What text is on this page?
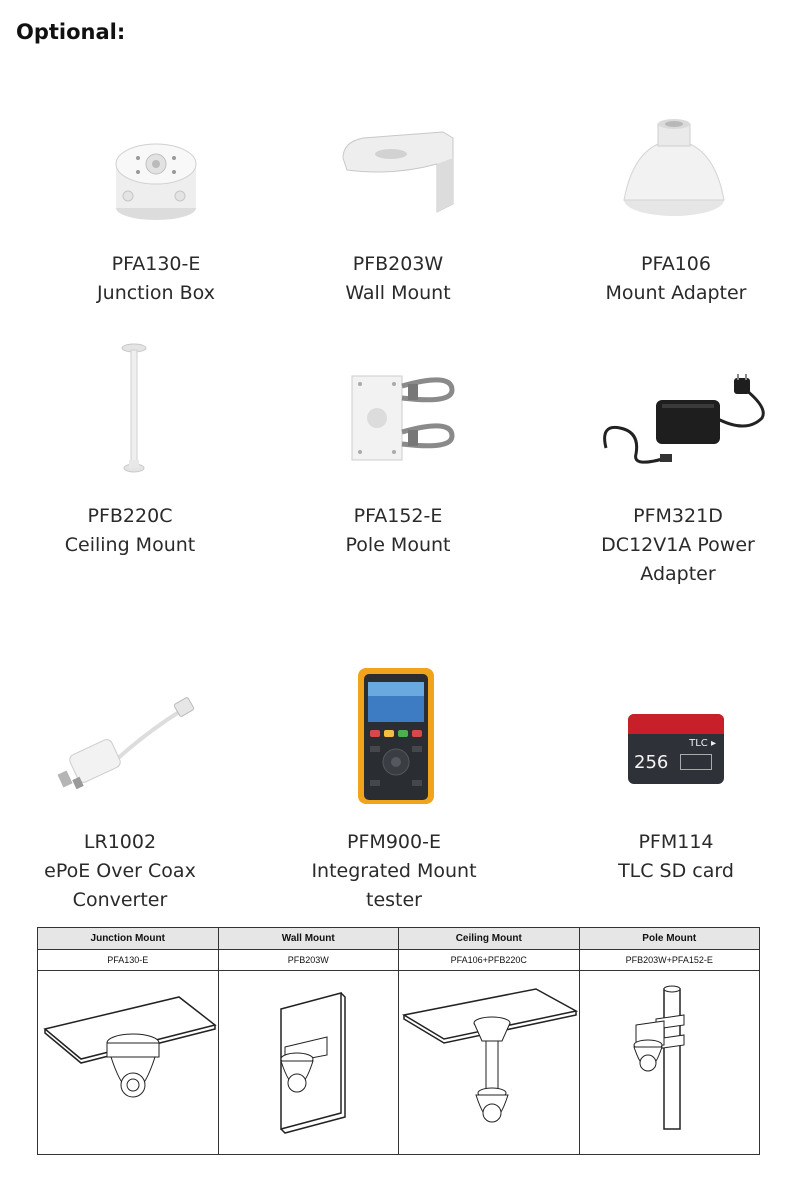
Optional:
PFA130-E
Junction Box
PFB203W
Wall Mount
PFA106
Mount Adapter
PFB220C
Ceiling Mount
PFA152-E
Pole Mount
PFM321D
DC12V1A Power
Adapter
LR1002
ePoE Over Coax
Converter
PFM900-E
Integrated Mount
tester
TLC ▸
256
PFM114
TLC SD card
Junction Mount	Wall Mount	Ceiling Mount	Pole Mount
PFA130-E	PFB203W	PFA106+PFB220C	PFB203W+PFA152-E
